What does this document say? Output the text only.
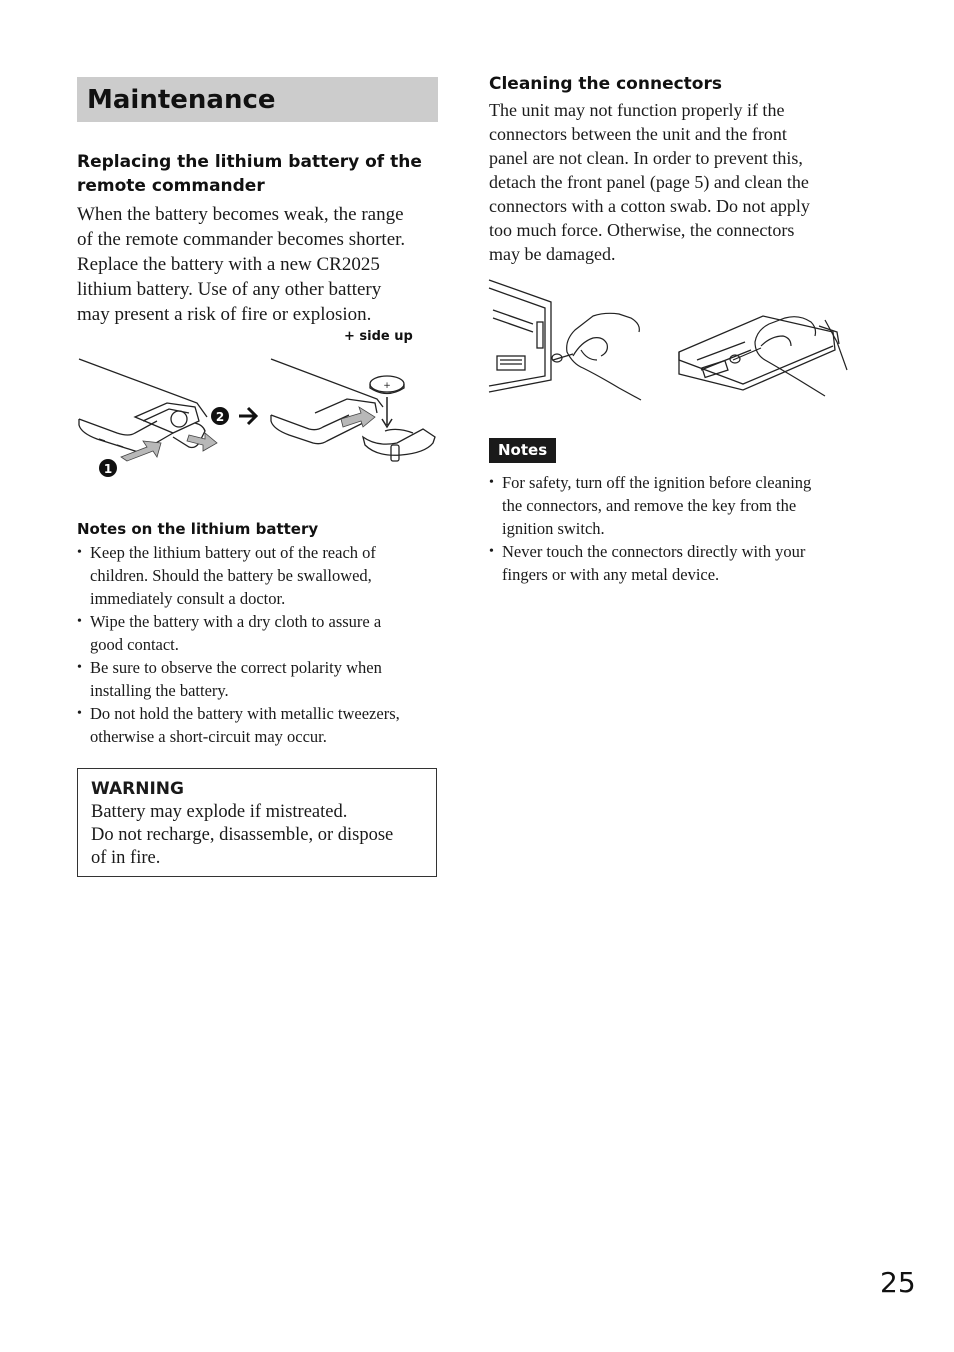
Maintenance
Replacing the lithium battery of the remote commander
When the battery becomes weak, the range
of the remote commander becomes shorter.
Replace the battery with a new CR2025
lithium battery. Use of any other battery
may present a risk of fire or explosion.
1
2
+
+ side up
Notes on the lithium battery
• Keep the lithium battery out of the reach of
children. Should the battery be swallowed,
immediately consult a doctor.
• Wipe the battery with a dry cloth to assure a
good contact.
• Be sure to observe the correct polarity when
installing the battery.
• Do not hold the battery with metallic tweezers,
otherwise a short-circuit may occur.
WARNING
Battery may explode if mistreated.
Do not recharge, disassemble, or dispose
of in fire.
Cleaning the connectors
The unit may not function properly if the
connectors between the unit and the front
panel are not clean. In order to prevent this,
detach the front panel (page 5) and clean the
connectors with a cotton swab. Do not apply
too much force. Otherwise, the connectors
may be damaged.
Notes
• For safety, turn off the ignition before cleaning
the connectors, and remove the key from the
ignition switch.
• Never touch the connectors directly with your
fingers or with any metal device.
25
